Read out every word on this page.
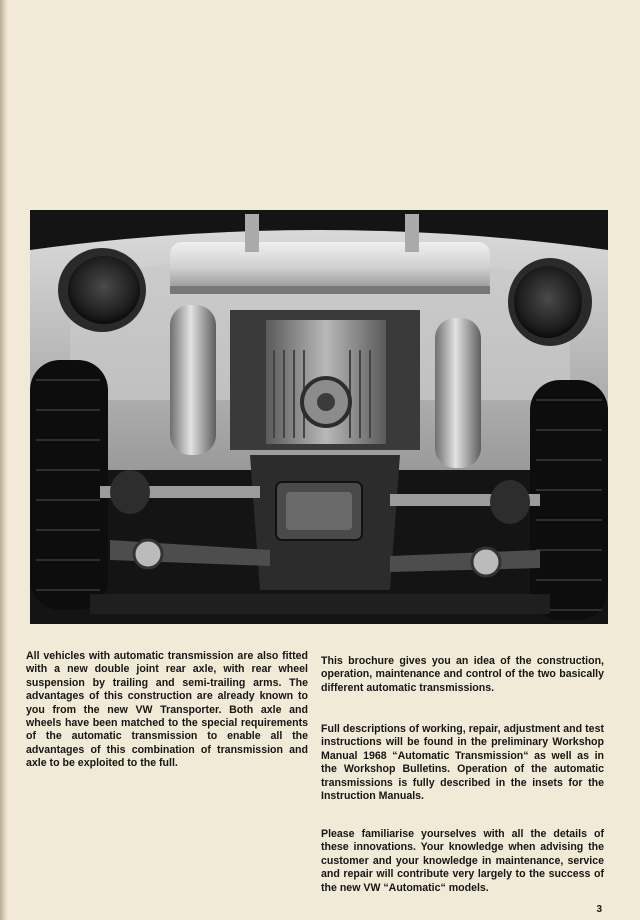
All vehicles with automatic transmission are also fitted with a new double joint rear axle, with rear wheel suspension by trailing and semi-trailing arms. The advantages of this construction are already known to you from the new VW Transporter. Both axle and wheels have been matched to the special requirements of the automatic transmission to enable all the advantages of this combination of transmission and axle to be exploited to the full.

This brochure gives you an idea of the construction, operation, maintenance and control of the two basically different automatic transmissions.

Full descriptions of working, repair, adjustment and test instructions will be found in the preliminary Workshop Manual 1968 “Automatic Transmission“ as well as in the Workshop Bulletins. Operation of the automatic transmissions is fully described in the insets for the Instruction Manuals.

Please familiarise yourselves with all the details of these innovations. Your knowledge when advising the customer and your knowledge in maintenance, service and repair will contribute very largely to the success of the new VW “Automatic“ models.

3
